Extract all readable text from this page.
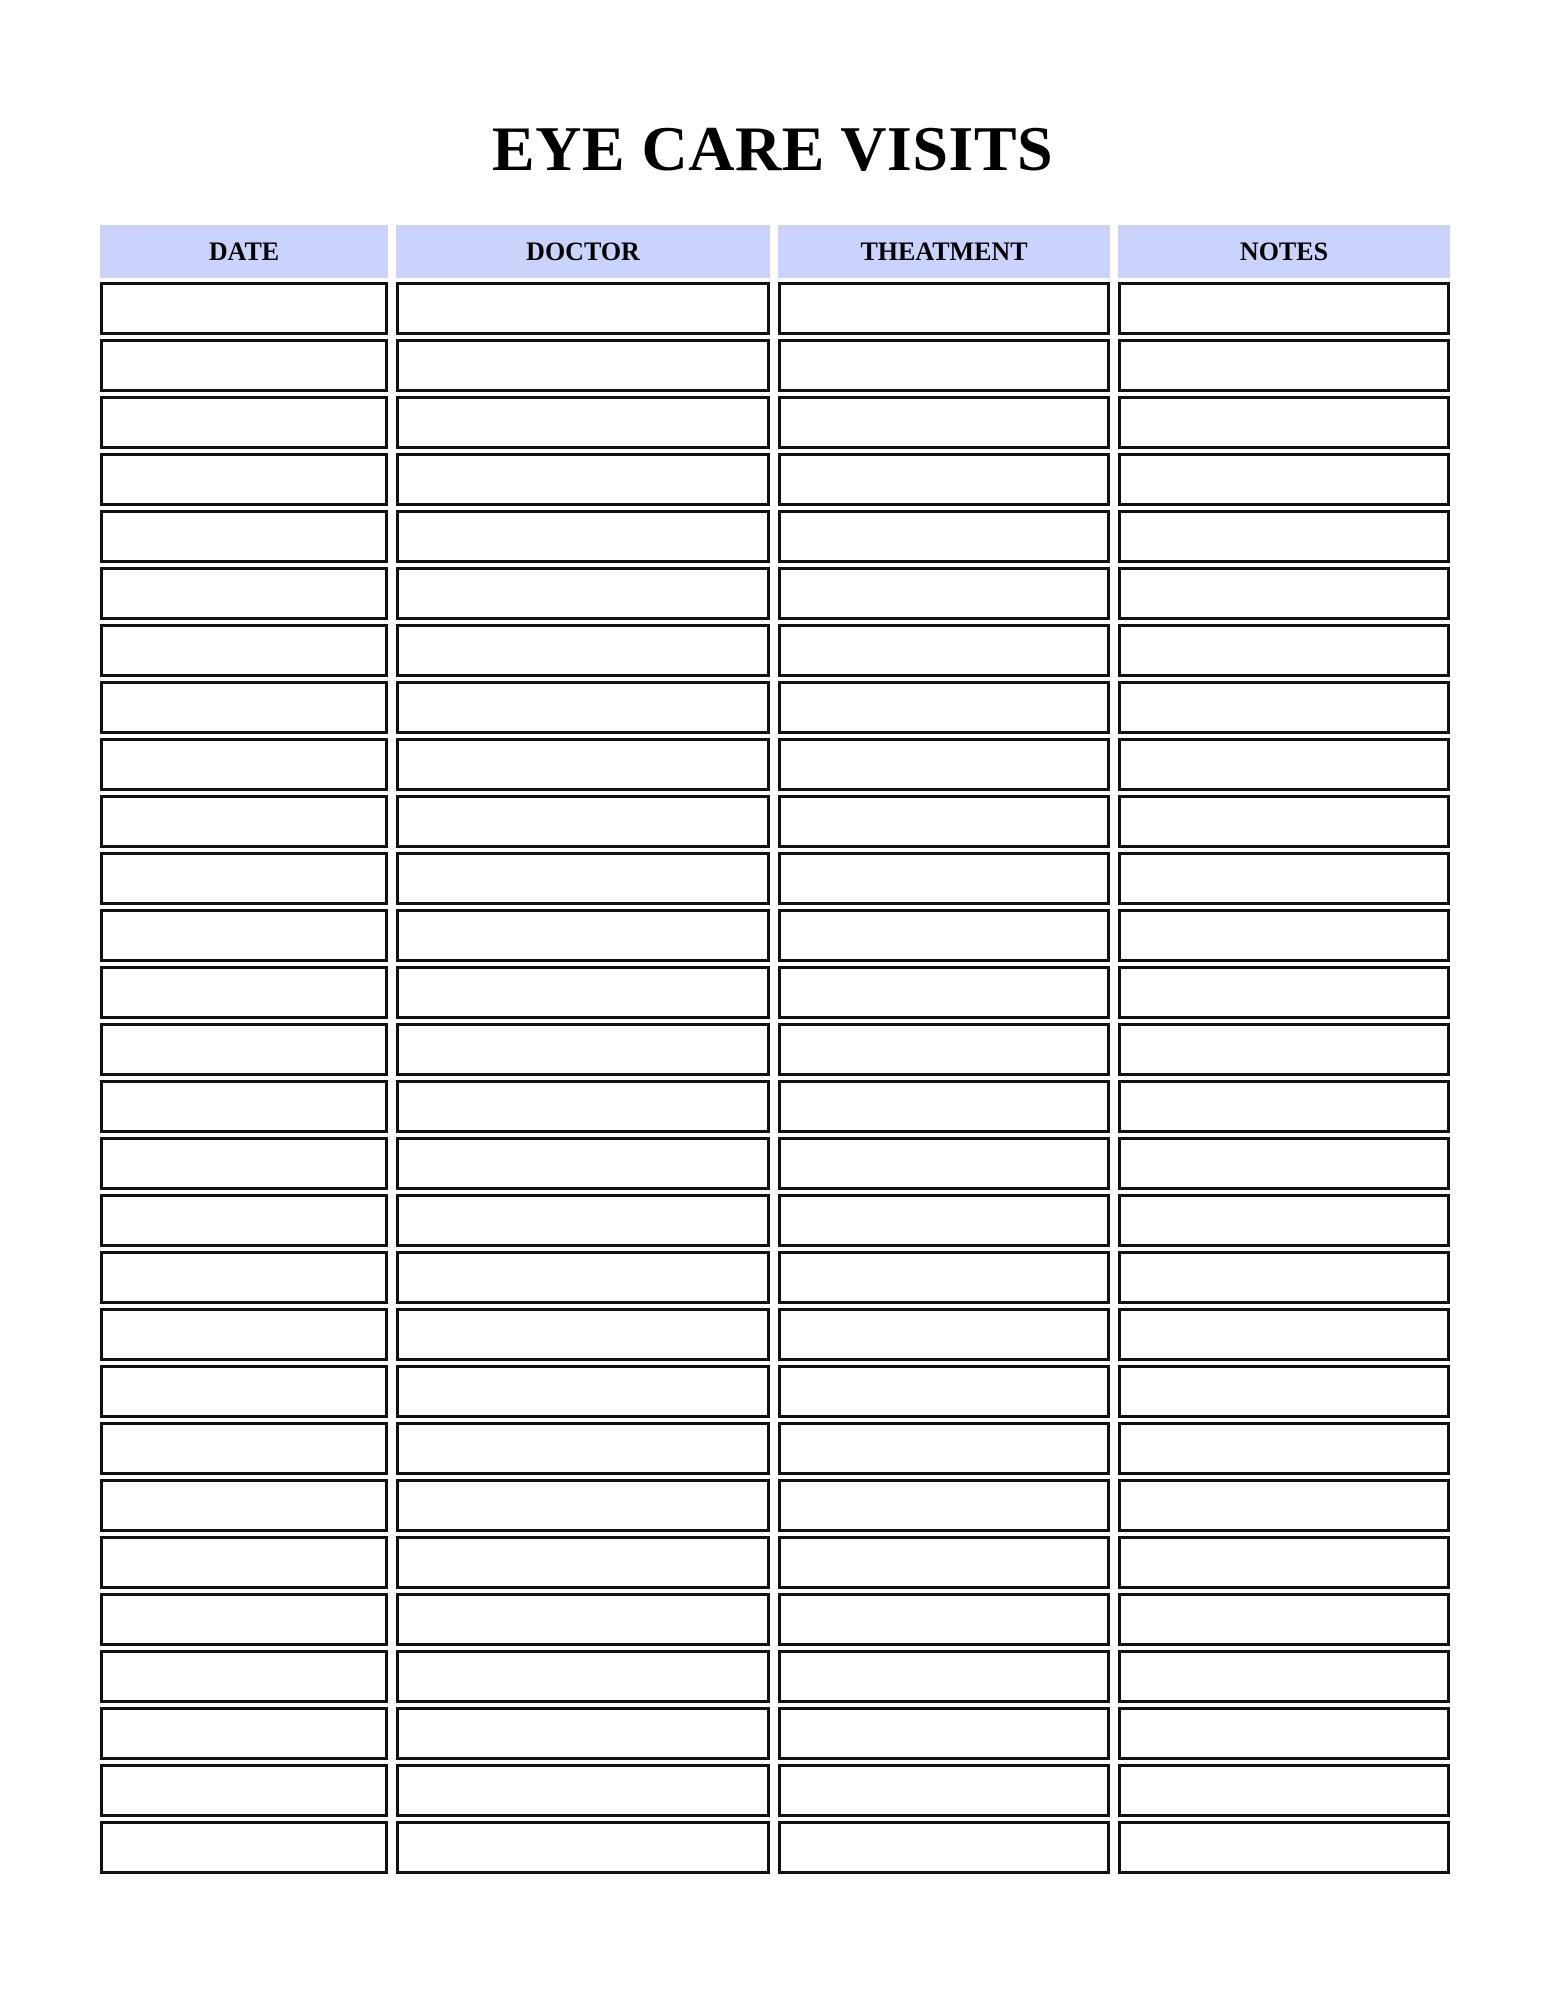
EYE CARE VISITS
DATE	DOCTOR	THEATMENT	NOTES
